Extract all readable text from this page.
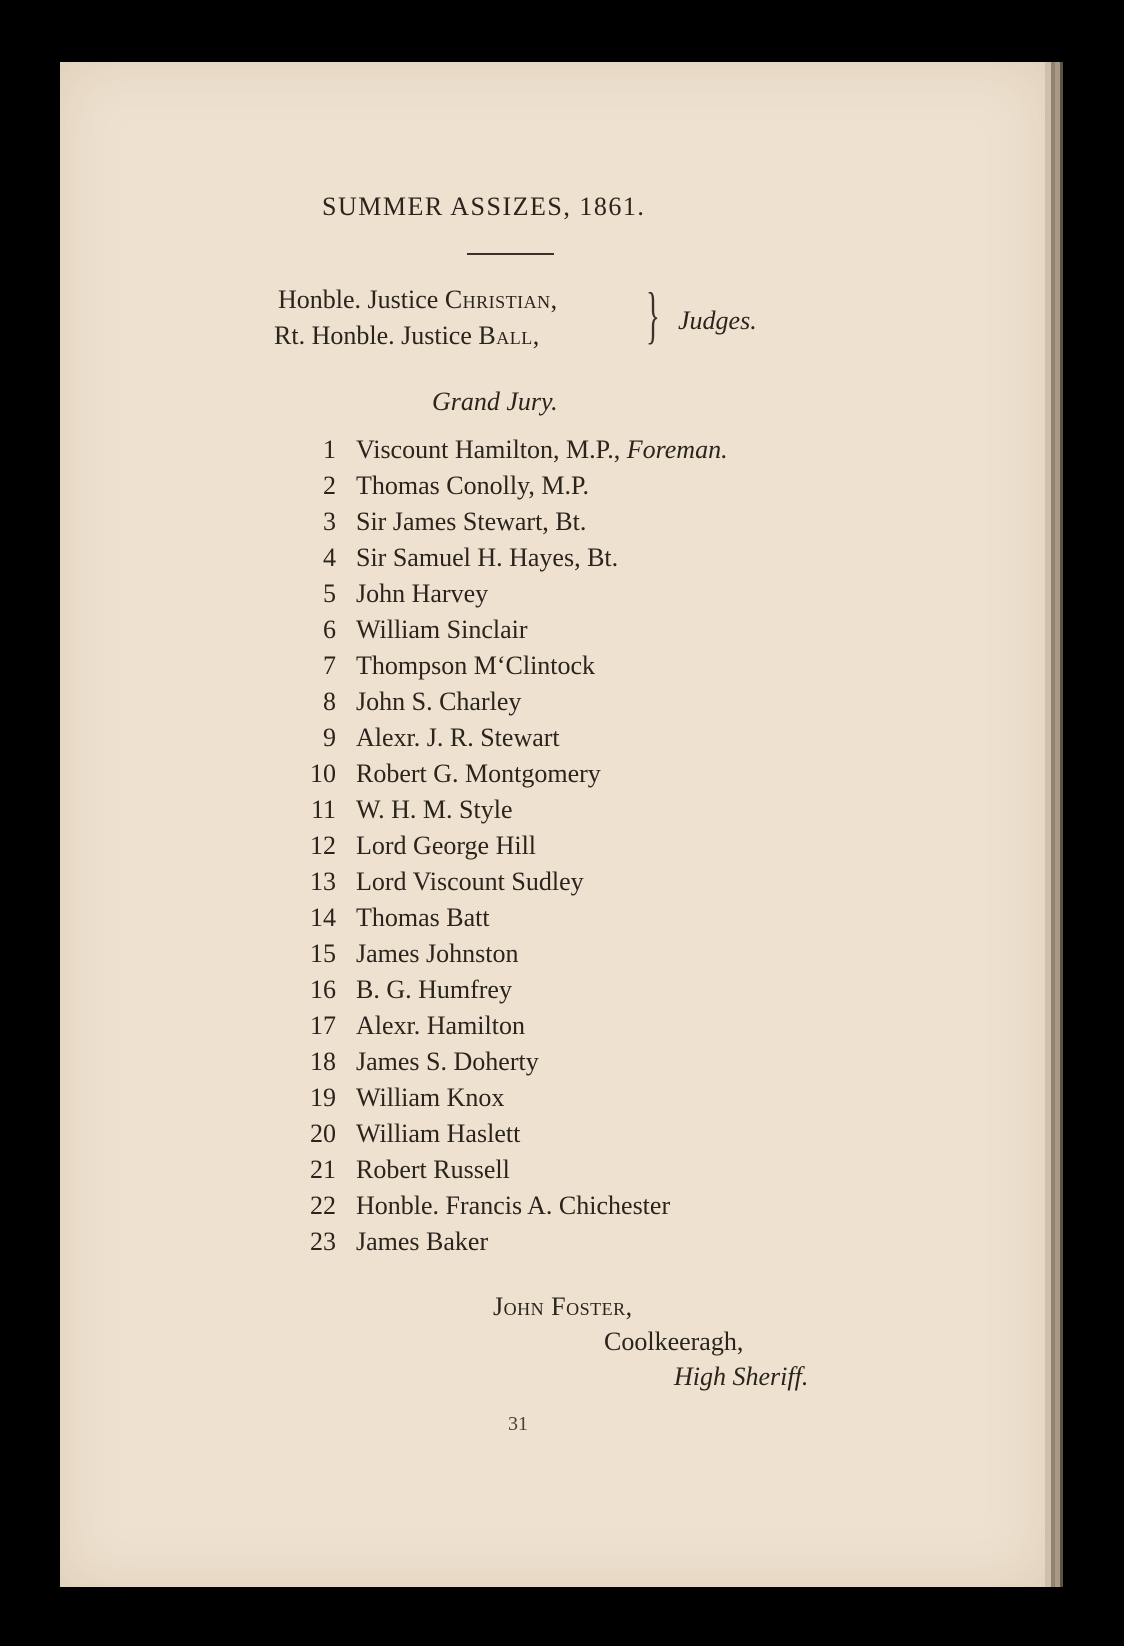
SUMMER ASSIZES, 1861.
Honble. Justice Christian,
Rt. Honble. Justice Ball, } Judges.
Grand Jury.
1 Viscount Hamilton, M.P., Foreman.
2 Thomas Conolly, M.P.
3 Sir James Stewart, Bt.
4 Sir Samuel H. Hayes, Bt.
5 John Harvey
6 William Sinclair
7 Thompson M‘Clintock
8 John S. Charley
9 Alexr. J. R. Stewart
10 Robert G. Montgomery
11 W. H. M. Style
12 Lord George Hill
13 Lord Viscount Sudley
14 Thomas Batt
15 James Johnston
16 B. G. Humfrey
17 Alexr. Hamilton
18 James S. Doherty
19 William Knox
20 William Haslett
21 Robert Russell
22 Honble. Francis A. Chichester
23 James Baker
John Foster,
Coolkeeragh,
High Sheriff.
31
